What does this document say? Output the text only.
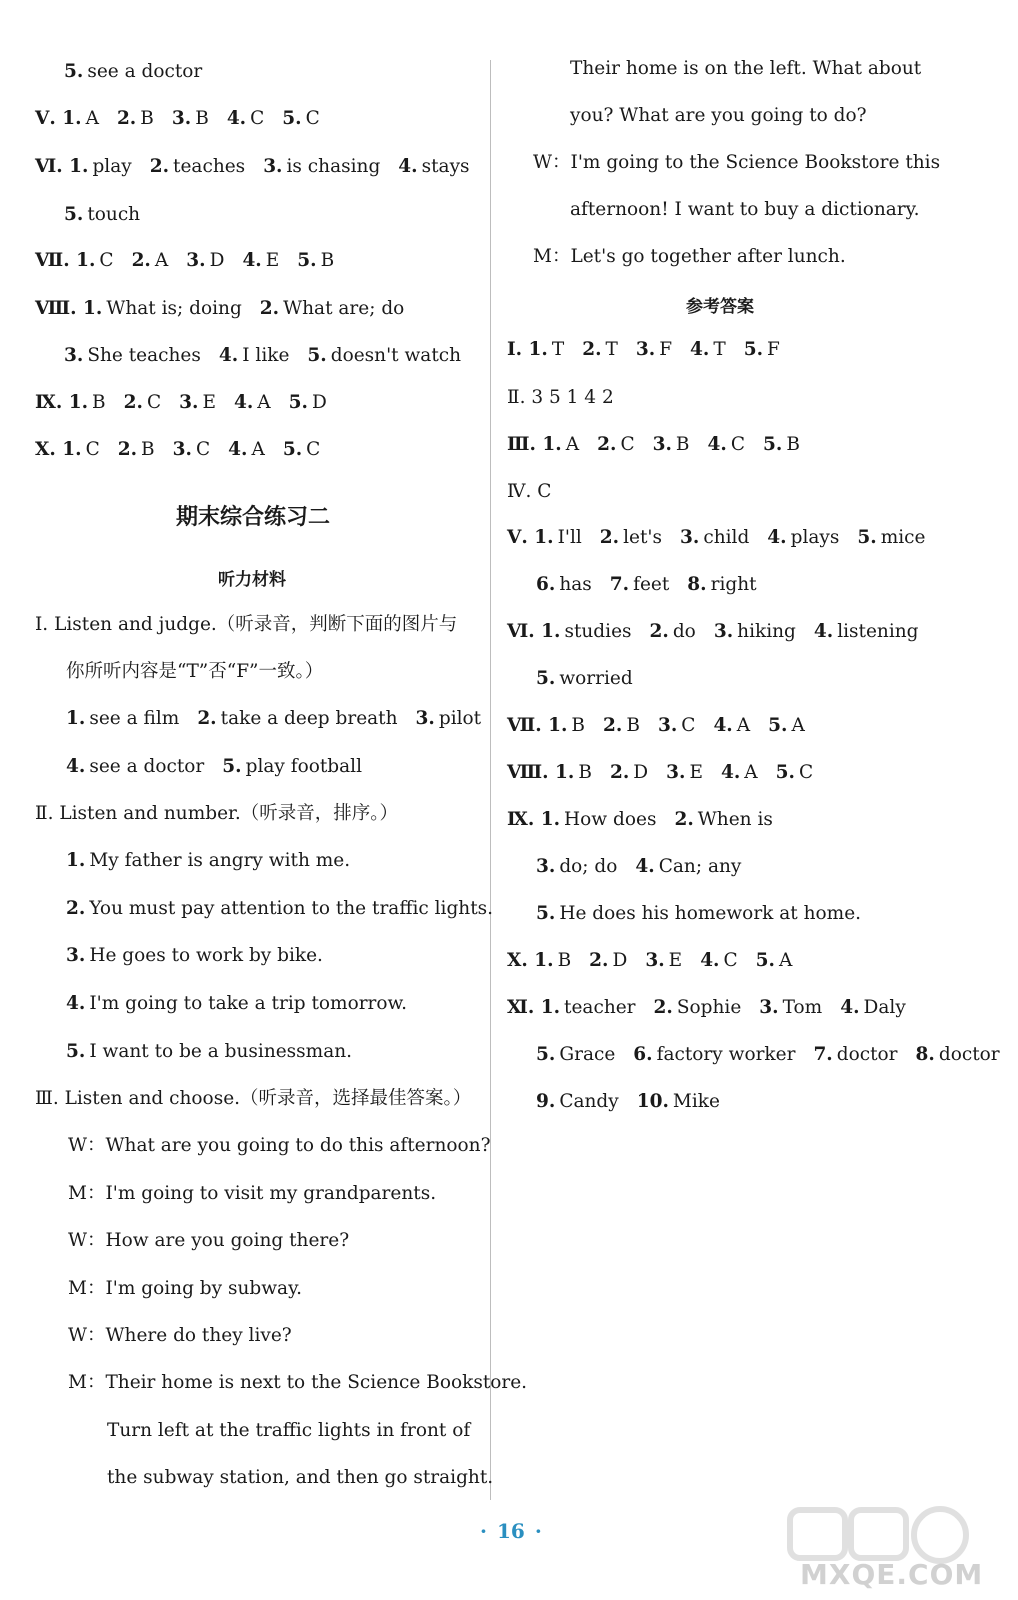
5. see a doctor
Ⅴ. 1. A 2. B 3. B 4. C 5. C
Ⅵ. 1. play 2. teaches 3. is chasing 4. stays
5. touch
Ⅶ. 1. C 2. A 3. D 4. E 5. B
Ⅷ. 1. What is; doing 2. What are; do
3. She teaches 4. I like 5. doesn't watch
Ⅸ. 1. B 2. C 3. E 4. A 5. D
Ⅹ. 1. C 2. B 3. C 4. A 5. C
期末综合练习二
听力材料
Ⅰ. Listen and judge.（听录音，判断下面的图片与
你所听内容是“T”否“F”一致。）
1. see a film 2. take a deep breath 3. pilot
4. see a doctor 5. play football
Ⅱ. Listen and number.（听录音，排序。）
1. My father is angry with me.
2. You must pay attention to the traffic lights.
3. He goes to work by bike.
4. I'm going to take a trip tomorrow.
5. I want to be a businessman.
Ⅲ. Listen and choose.（听录音，选择最佳答案。）
W：What are you going to do this afternoon?
M：I'm going to visit my grandparents.
W：How are you going there?
M：I'm going by subway.
W：Where do they live?
M：Their home is next to the Science Bookstore.
Turn left at the traffic lights in front of
the subway station, and then go straight.
Their home is on the left. What about
you? What are you going to do?
W：I'm going to the Science Bookstore this
afternoon! I want to buy a dictionary.
M：Let's go together after lunch.
参考答案
Ⅰ. 1. T 2. T 3. F 4. T 5. F
Ⅱ. 3 5 1 4 2
Ⅲ. 1. A 2. C 3. B 4. C 5. B
Ⅳ. C
Ⅴ. 1. I'll 2. let's 3. child 4. plays 5. mice
6. has 7. feet 8. right
Ⅵ. 1. studies 2. do 3. hiking 4. listening
5. worried
Ⅶ. 1. B 2. B 3. C 4. A 5. A
Ⅷ. 1. B 2. D 3. E 4. A 5. C
Ⅸ. 1. How does 2. When is
3. do; do 4. Can; any
5. He does his homework at home.
Ⅹ. 1. B 2. D 3. E 4. C 5. A
Ⅺ. 1. teacher 2. Sophie 3. Tom 4. Daly
5. Grace 6. factory worker 7. doctor 8. doctor
9. Candy 10. Mike
· 16 ·
MXQE.COM
